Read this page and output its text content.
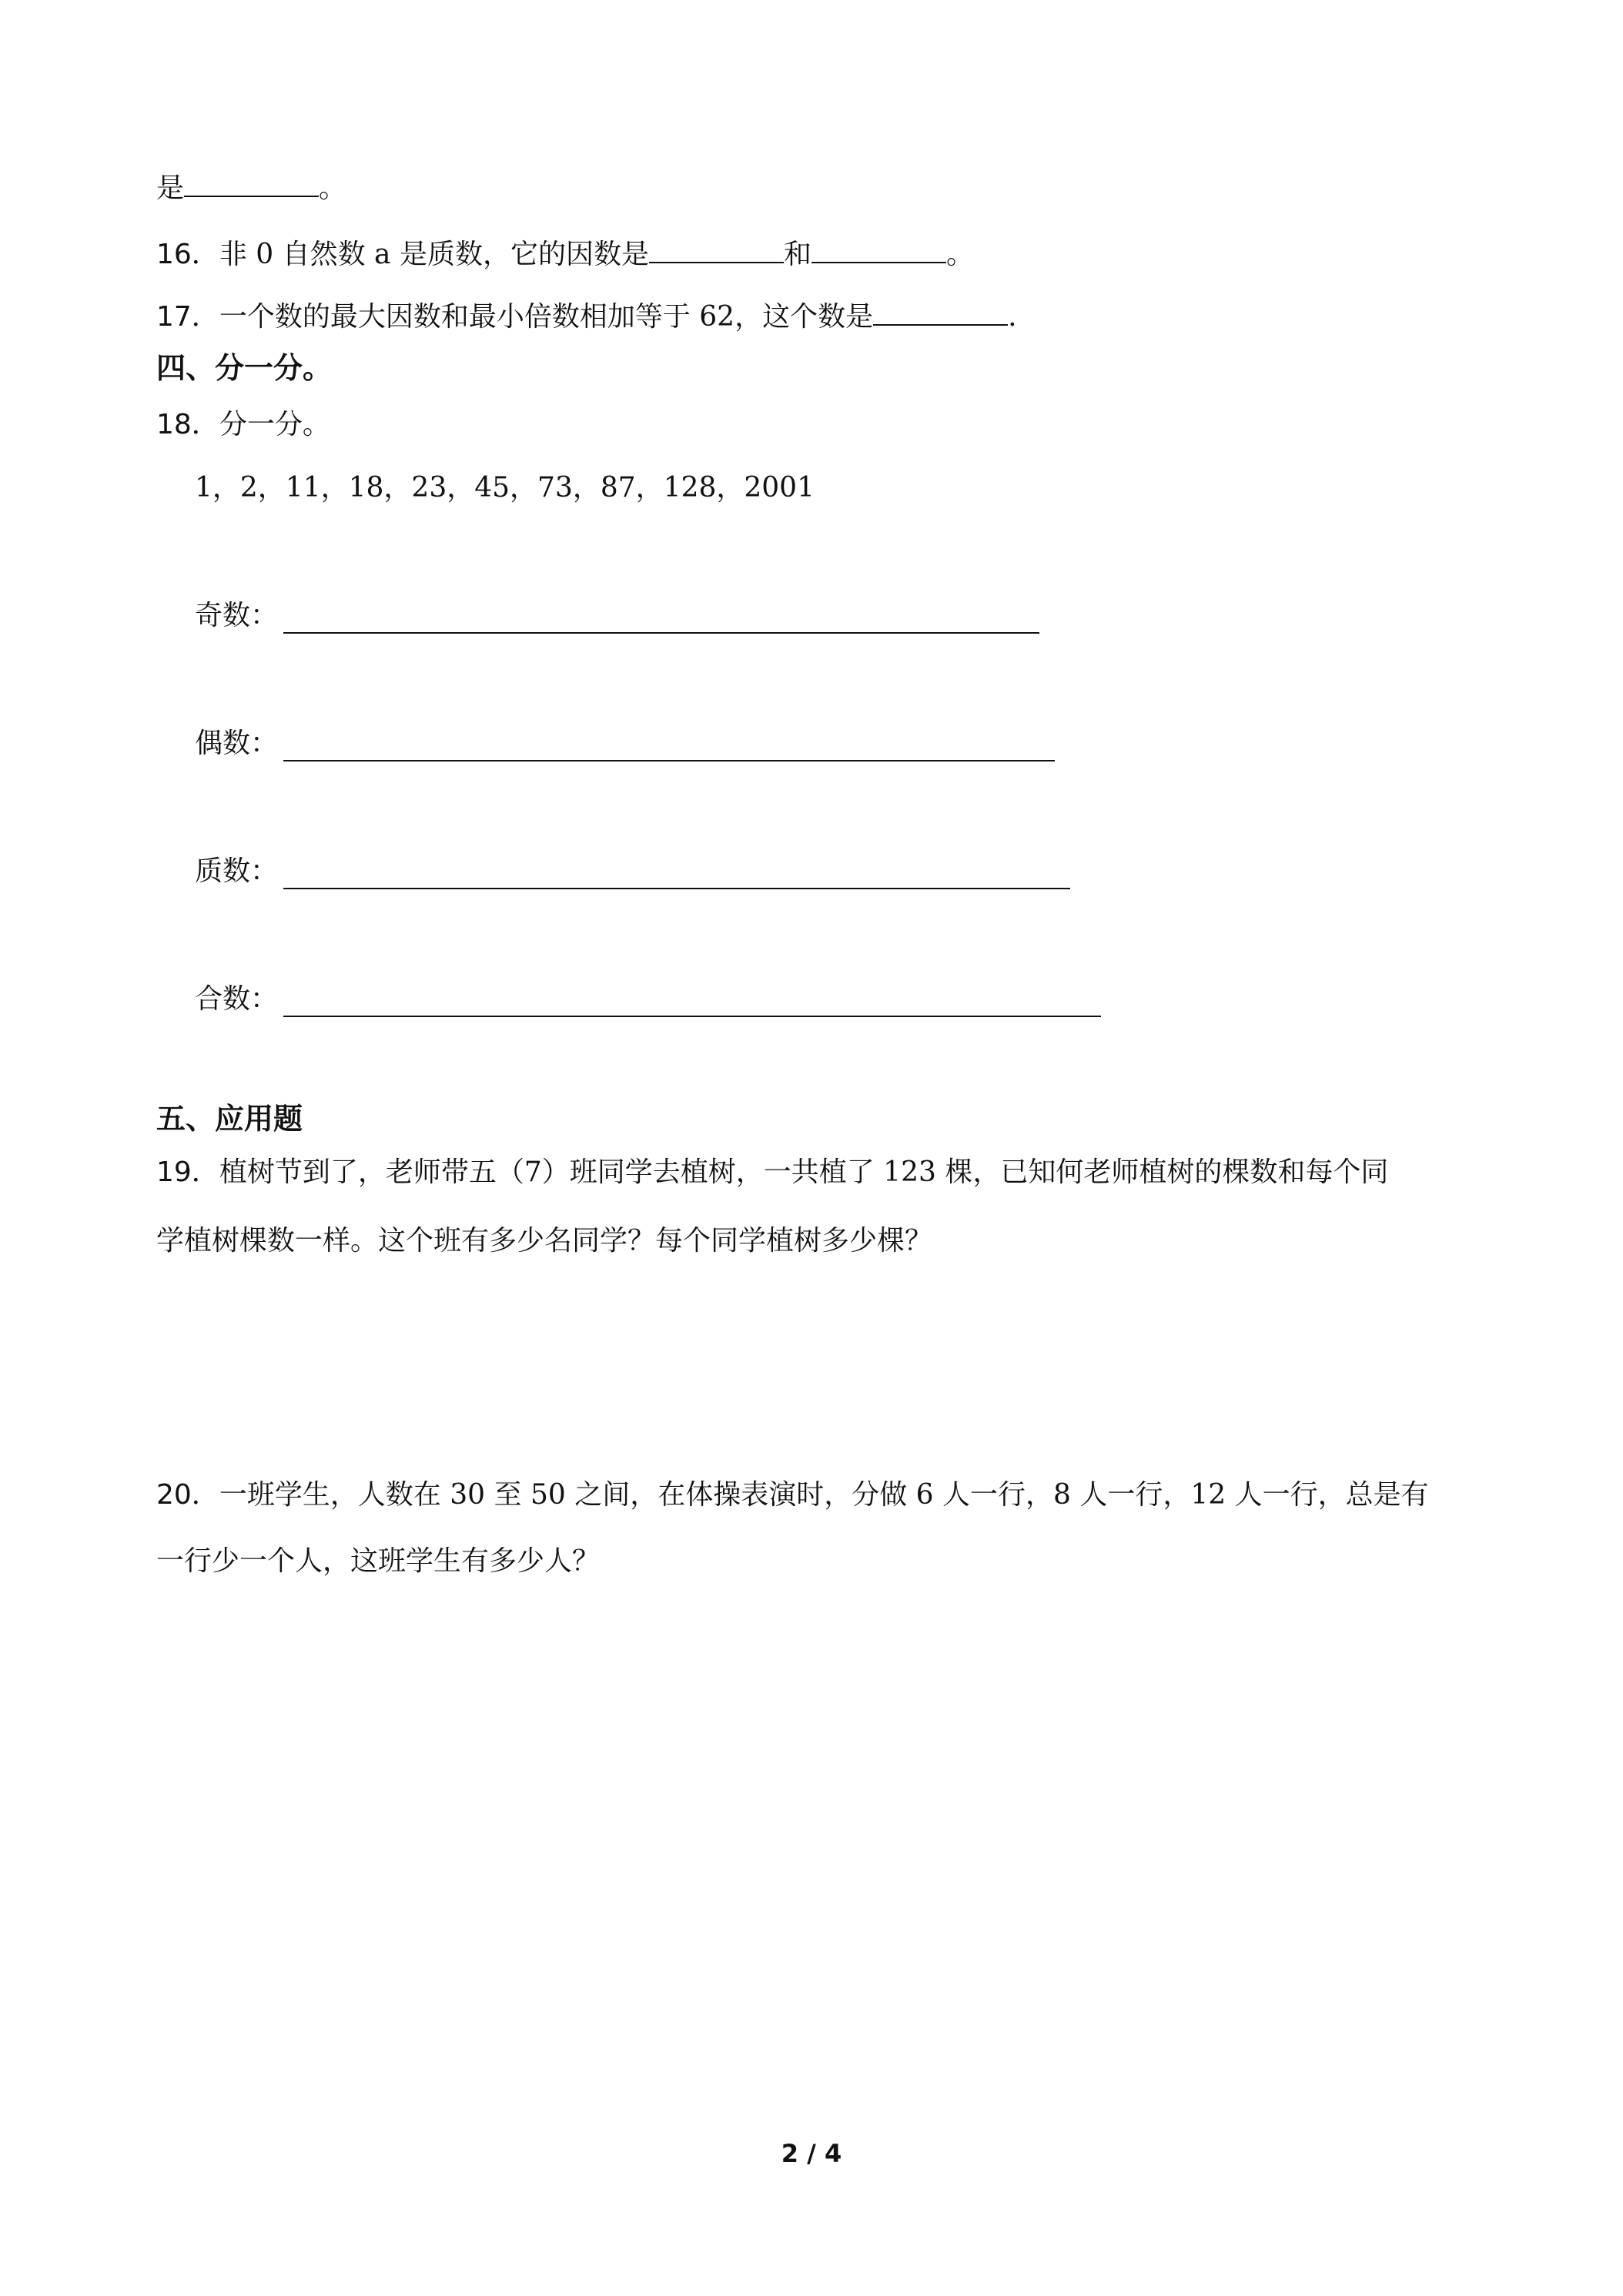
是	。
16．非 0 自然数 a 是质数，它的因数是	和	。
17．一个数的最大因数和最小倍数相加等于 62，这个数是	.
四、分一分。
18．分一分。
1，2，11，18，23，45，73，87，128，2001
奇数：
偶数：
质数：
合数：
五、应用题
19．植树节到了，老师带五（7）班同学去植树，一共植了 123 棵，已知何老师植树的棵数和每个同
学植树棵数一样。这个班有多少名同学？每个同学植树多少棵？
20．一班学生，人数在 30 至 50 之间，在体操表演时，分做 6 人一行，8 人一行，12 人一行，总是有
一行少一个人，这班学生有多少人？
2 / 4
